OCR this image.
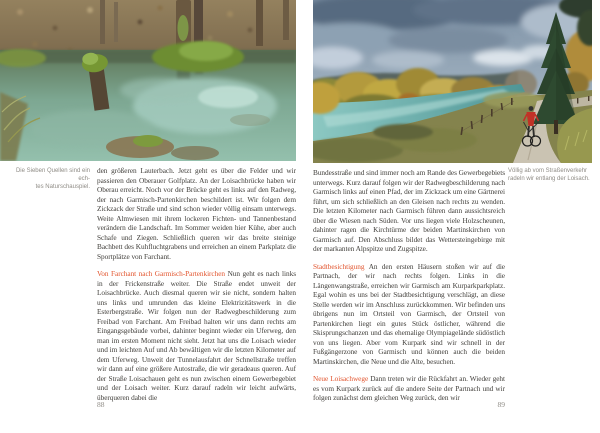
Die Sieben Quellen sind ein ech-
tes Naturschauspiel.

den größeren Lauterbach. Jetzt geht es über die Felder und wir passieren den Oberauer Golfplatz. An der Loisachbrücke haben wir Oberau erreicht. Noch vor der Brücke geht es links auf den Radweg, der nach Garmisch-Partenkirchen beschildert ist. Wir folgen dem Zickzack der Straße und sind schon wieder völlig einsam unterwegs. Weite Almwiesen mit ihrem lockeren Fichten- und Tannenbestand verändern die Landschaft. Im Sommer weiden hier Kühe, aber auch Schafe und Ziegen. Schließlich queren wir das breite steinige Bachbett des Kuhfluchtgrabens und erreichen an einem Parkplatz die Sportplätze von Farchant.

Von Farchant nach Garmisch-Partenkirchen Nun geht es nach links in der Frickenstraße weiter. Die Straße endet unweit der Loisachbrücke. Auch diesmal queren wir sie nicht, sondern halten uns links und umrunden das kleine Elektrizitätswerk in die Esterbergstraße. Wir folgen nun der Radwegbeschilderung zum Freibad von Farchant. Am Freibad halten wir uns dann rechts am Eingangsgebäude vorbei, dahinter beginnt wieder ein Uferweg, den man im ersten Moment nicht sieht. Jetzt hat uns die Loisach wieder und im leichten Auf und Ab bewältigen wir die letzten Kilometer auf dem Uferweg. Unweit der Tunnelausfahrt der Schnellstraße treffen wir dann auf eine größere Autostraße, die wir geradeaus queren. Auf der Straße Loisachauen geht es nun zwischen einem Gewerbegebiet und der Loisach weiter. Kurz darauf radeln wir leicht aufwärts, überqueren dabei die

88

Bundesstraße und sind immer noch am Rande des Gewerbegebiets unterwegs. Kurz darauf folgen wir der Radwegbeschilderung nach Garmisch links auf einen Pfad, der im Zickzack um eine Gärtnerei führt, um sich schließlich an den Gleisen nach rechts zu wenden. Die letzten Kilometer nach Garmisch führen dann aussichtsreich über die Wiesen nach Süden. Vor uns liegen viele Holzscheunen, dahinter ragen die Kirchtürme der beiden Martinskirchen von Garmisch auf. Den Abschluss bildet das Wettersteingebirge mit der markanten Alpspitze und Zugspitze.

Stadtbesichtigung An den ersten Häusern stoßen wir auf die Partnach, der wir nach rechts folgen. Links in die Längenwangstraße, erreichen wir Garmisch am Kurparkparkplatz. Egal wohin es uns bei der Stadtbesichtigung verschlägt, an diese Stelle werden wir im Anschluss zurückkommen. Wir befinden uns übrigens nun im Ortsteil von Garmisch, der Ortsteil von Partenkirchen liegt ein gutes Stück östlicher, während die Skisprungschanzen und das ehemalige Olympiagelände südöstlich von uns liegen. Aber vom Kurpark sind wir schnell in der Fußgängerzone von Garmisch und können auch die beiden Martinskirchen, die Neue und die Alte, besuchen.

Neue Loisachwege Dann treten wir die Rückfahrt an. Wieder geht es vom Kurpark zurück auf die andere Seite der Partnach und wir folgen zunächst dem gleichen Weg zurück, den wir

Völlig ab vom Straßenverkehr
radeln wir entlang der Loisach.
89
